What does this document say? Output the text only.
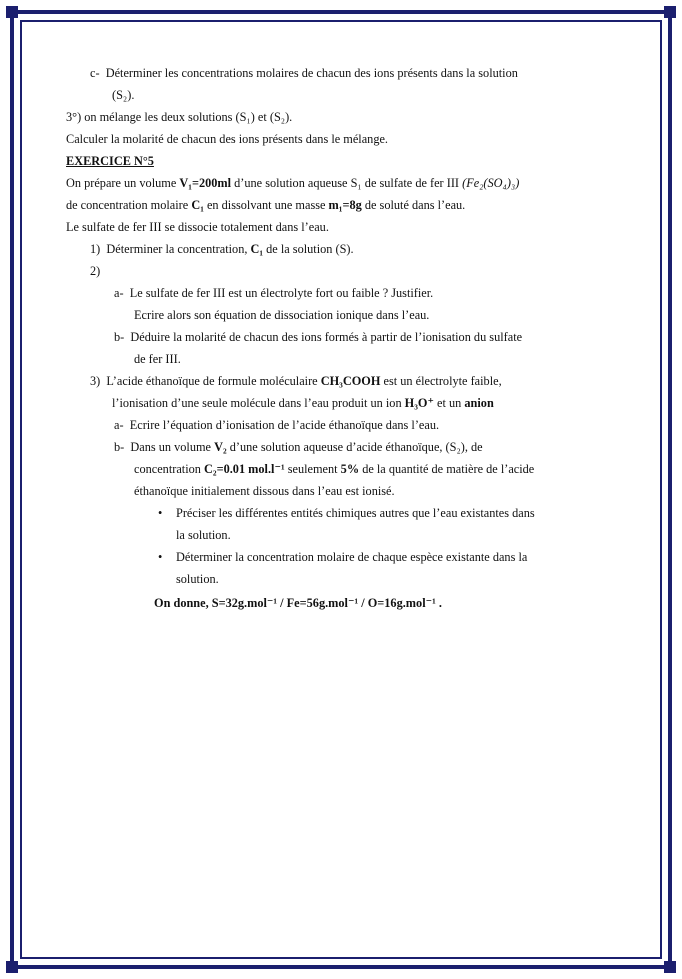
c- Déterminer les concentrations molaires de chacun des ions présents dans la solution
(S₂).
3°) on mélange les deux solutions (S₁) et (S₂).
Calculer la molarité de chacun des ions présents dans le mélange.
EXERCICE N°5
On prépare un volume V₁=200ml d’une solution aqueuse S₁ de sulfate de fer III (Fe₂(SO₄)₃)
de concentration molaire C₁ en dissolvant une masse m₁=8g de soluté dans l’eau.
Le sulfate de fer III se dissocie totalement dans l’eau.
1) Déterminer la concentration, C₁ de la solution (S).
2)
a- Le sulfate de fer III est un électrolyte fort ou faible ? Justifier.
Ecrire alors son équation de dissociation ionique dans l’eau.
b- Déduire la molarité de chacun des ions formés à partir de l’ionisation du sulfate
de fer III.
3) L’acide éthanoïque de formule moléculaire CH₃COOH est un électrolyte faible,
l’ionisation d’une seule molécule dans l’eau produit un ion H₃O⁺ et un anion
a- Ecrire l’équation d’ionisation de l’acide éthanoïque dans l’eau.
b- Dans un volume V₂ d’une solution aqueuse d’acide éthanoïque, (S₂), de
concentration C₂=0.01 mol.l⁻¹ seulement 5% de la quantité de matière de l’acide
éthanoïque initialement dissous dans l’eau est ionisé.
• Préciser les différentes entités chimiques autres que l’eau existantes dans
la solution.
• Déterminer la concentration molaire de chaque espèce existante dans la
solution.
On donne, S=32g.mol⁻¹ / Fe=56g.mol⁻¹ / O=16g.mol⁻¹ .
